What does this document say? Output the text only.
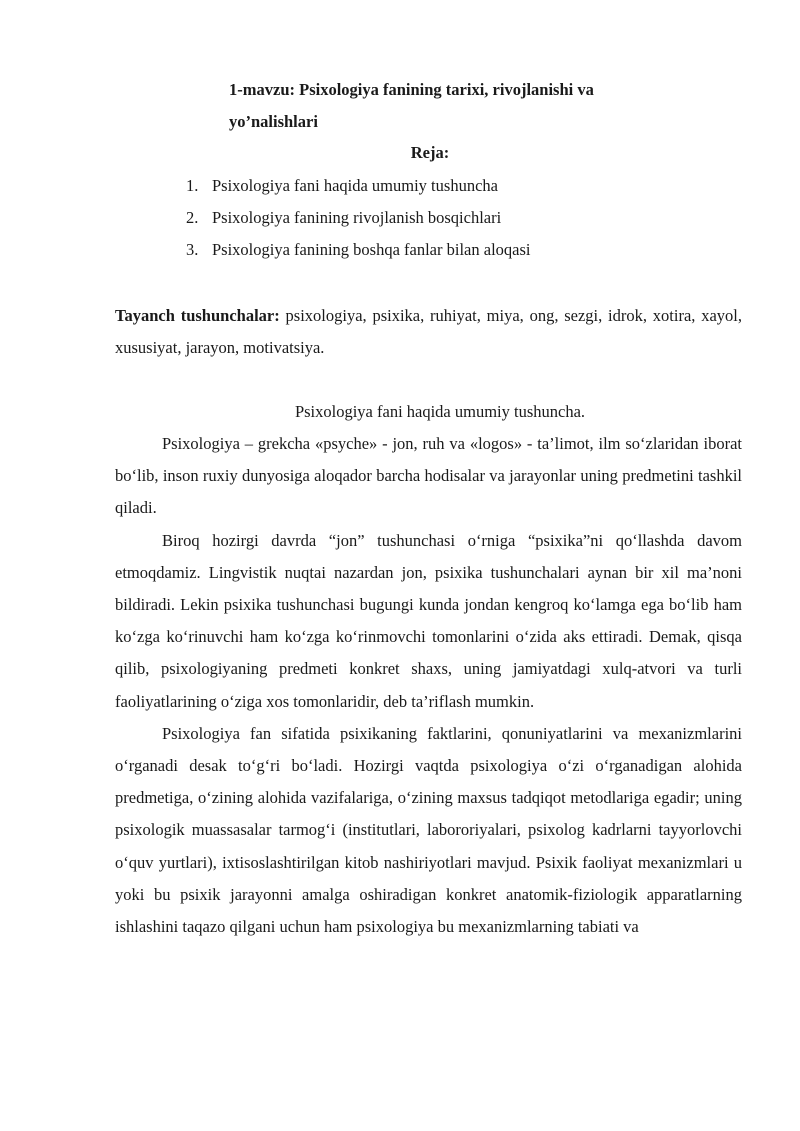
1-mavzu: Psixologiya fanining tarixi, rivojlanishi va
yo’nalishlari
Reja:
1. Psixologiya fani haqida umumiy tushuncha
2. Psixologiya fanining rivojlanish bosqichlari
3. Psixologiya fanining boshqa fanlar bilan aloqasi
Tayanch tushunchalar: psixologiya, psixika, ruhiyat, miya, ong, sezgi, idrok, xotira, xayol, xususiyat, jarayon, motivatsiya.
Psixologiya fani haqida umumiy tushuncha.

Psixologiya – grekcha «psyche» - jon, ruh va «logos» - ta’limot, ilm so‘zlaridan iborat bo‘lib, inson ruxiy dunyosiga aloqador barcha hodisalar va jarayonlar uning predmetini tashkil qiladi.

Biroq hozirgi davrda “jon” tushunchasi o‘rniga “psixika”ni qo‘llashda davom etmoqdamiz. Lingvistik nuqtai nazardan jon, psixika tushunchalari aynan bir xil ma’noni bildiradi. Lekin psixika tushunchasi bugungi kunda jondan kengroq ko‘lamga ega bo‘lib ham ko‘zga ko‘rinuvchi ham ko‘zga ko‘rinmovchi tomonlarini o‘zida aks ettiradi. Demak, qisqa qilib, psixologiyaning predmeti konkret shaxs, uning jamiyatdagi xulq-atvori va turli faoliyatlarining o‘ziga xos tomonlaridir, deb ta’riflash mumkin.

Psixologiya fan sifatida psixikaning faktlarini, qonuniyatlarini va mexanizmlarini o‘rganadi desak to‘g‘ri bo‘ladi. Hozirgi vaqtda psixologiya o‘zi o‘rganadigan alohida predmetiga, o‘zining alohida vazifalariga, o‘zining maxsus tadqiqot metodlariga egadir; uning psixologik muassasalar tarmog‘i (institutlari, labororiyalari, psixolog kadrlarni tayyorlovchi o‘quv yurtlari), ixtisoslashtirilgan kitob nashiriyotlari mavjud. Psixik faoliyat mexanizmlari u yoki bu psixik jarayonni amalga oshiradigan konkret anatomik-fiziologik apparatlarning ishlashini taqazo qilgani uchun ham psixologiya bu mexanizmlarning tabiati va
